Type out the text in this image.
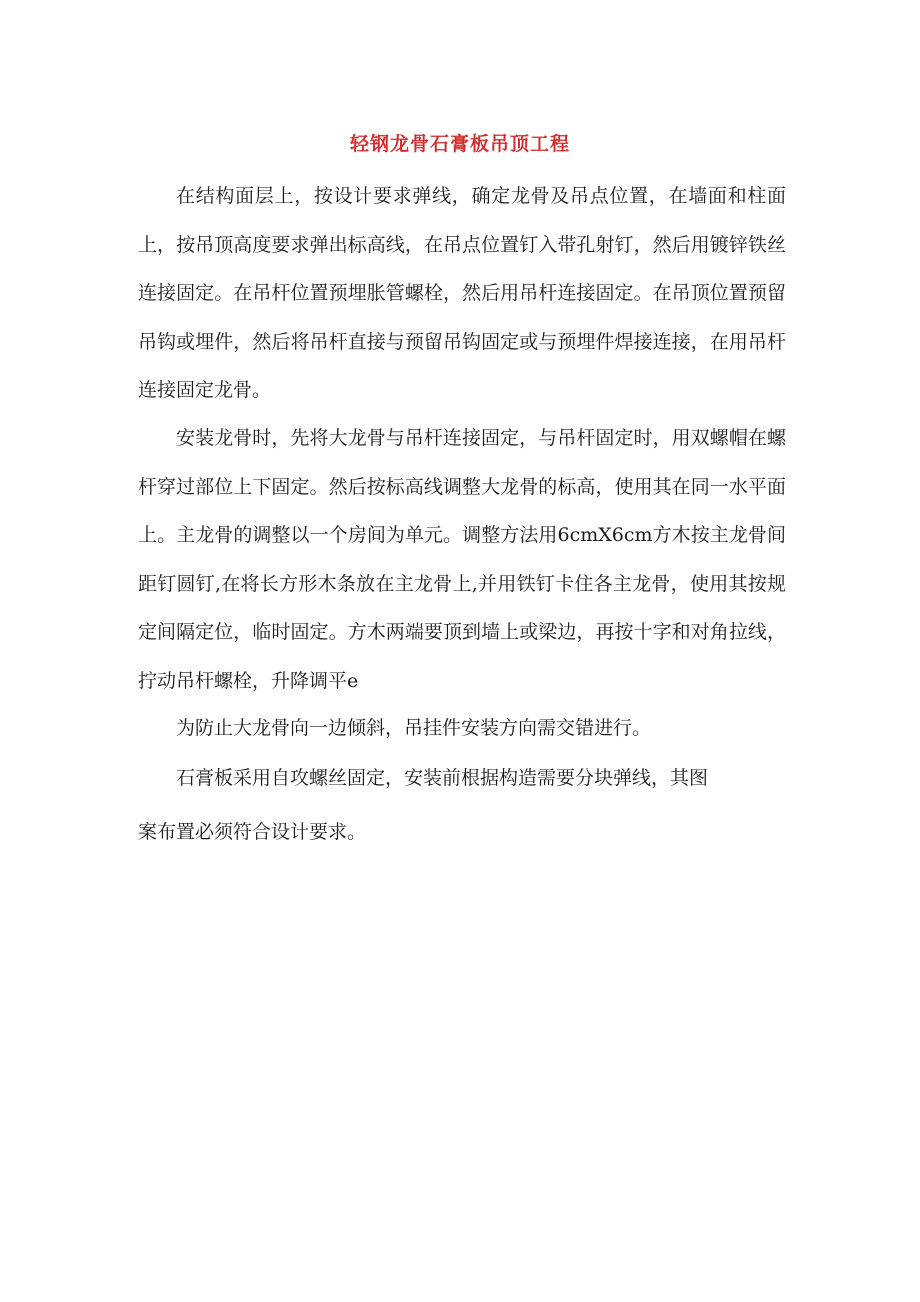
轻钢龙骨石膏板吊顶工程

在结构面层上，按设计要求弹线，确定龙骨及吊点位置，在墙面和柱面上，按吊顶高度要求弹出标高线，在吊点位置钉入带孔射钉，然后用镀锌铁丝连接固定。在吊杆位置预埋胀管螺栓，然后用吊杆连接固定。在吊顶位置预留吊钩或埋件，然后将吊杆直接与预留吊钩固定或与预埋件焊接连接，在用吊杆连接固定龙骨。

安装龙骨时，先将大龙骨与吊杆连接固定，与吊杆固定时，用双螺帽在螺杆穿过部位上下固定。然后按标高线调整大龙骨的标高，使用其在同一水平面上。主龙骨的调整以一个房间为单元。调整方法用6cmX6cm方木按主龙骨间距钉圆钉,在将长方形木条放在主龙骨上,并用铁钉卡住各主龙骨，使用其按规定间隔定位，临时固定。方木两端要顶到墙上或梁边，再按十字和对角拉线，拧动吊杆螺栓，升降调平e

为防止大龙骨向一边倾斜，吊挂件安装方向需交错进行。

石膏板采用自攻螺丝固定，安装前根据构造需要分块弹线，其图

案布置必须符合设计要求。
